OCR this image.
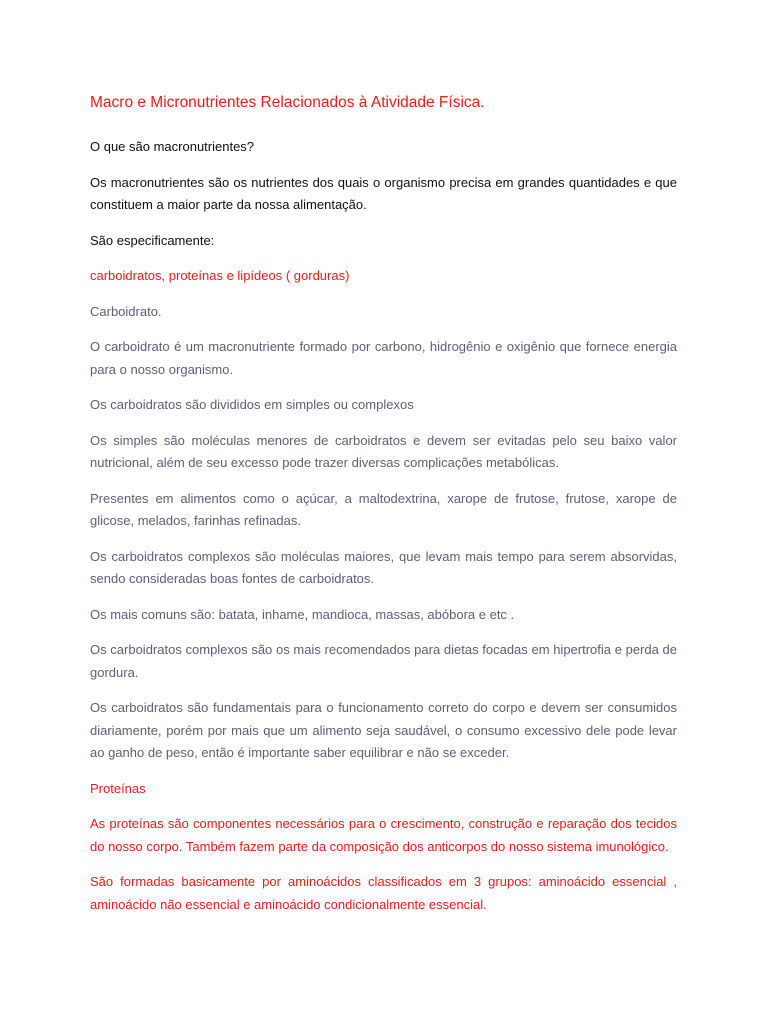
Macro e Micronutrientes Relacionados à Atividade Física.

O que são macronutrientes?

Os macronutrientes são os nutrientes dos quais o organismo precisa em grandes quantidades e que constituem a maior parte da nossa alimentação.

São especificamente:

carboidratos, proteínas e lipídeos ( gorduras)

Carboidrato.

O carboidrato é um macronutriente formado por carbono, hidrogênio e oxigênio que fornece energia para o nosso organismo.

Os carboidratos são divididos em simples ou complexos

Os simples são moléculas menores de carboidratos e devem ser evitadas pelo seu baixo valor nutricional, além de seu excesso pode trazer diversas complicações metabólicas.

Presentes em alimentos como o açúcar, a maltodextrina, xarope de frutose, frutose, xarope de glicose, melados, farinhas refinadas.

Os carboidratos complexos são moléculas maiores, que levam mais tempo para serem absorvidas, sendo consideradas boas fontes de carboidratos.

Os mais comuns são: batata, inhame, mandioca, massas, abóbora e etc .

Os carboidratos complexos são os mais recomendados para dietas focadas em hipertrofia e perda de gordura.

Os carboidratos são fundamentais para o funcionamento correto do corpo e devem ser consumidos diariamente, porém por mais que um alimento seja saudável, o consumo excessivo dele pode levar ao ganho de peso, então é importante saber equilibrar e não se exceder.

Proteínas

As proteínas são componentes necessários para o crescimento, construção e reparação dos tecidos do nosso corpo. Também fazem parte da composição dos anticorpos do nosso sistema imunológico.

São formadas basicamente por aminoácidos classificados em 3 grupos: aminoácido essencial , aminoácido não essencial e aminoácido condicionalmente essencial.
